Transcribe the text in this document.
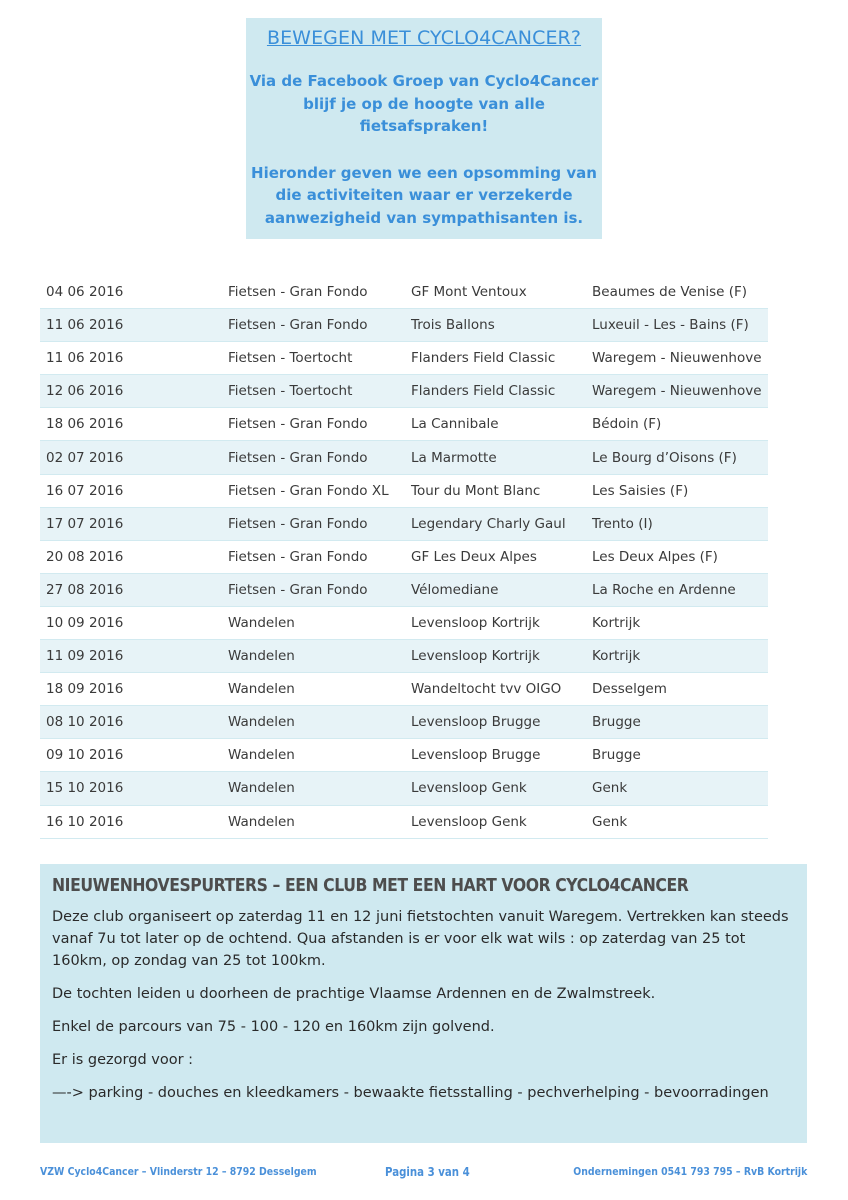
BEWEGEN MET CYCLO4CANCER?

Via de Facebook Groep van Cyclo4Cancer blijf je op de hoogte van alle fietsafspraken!

Hieronder geven we een opsomming van die activiteiten waar er verzekerde aanwezigheid van sympathisanten is.

04 06 2016	Fietsen - Gran Fondo	GF Mont Ventoux	Beaumes de Venise (F)
11 06 2016	Fietsen - Gran Fondo	Trois Ballons	Luxeuil - Les - Bains (F)
11 06 2016	Fietsen - Toertocht	Flanders Field Classic	Waregem - Nieuwenhove
12 06 2016	Fietsen - Toertocht	Flanders Field Classic	Waregem - Nieuwenhove
18 06 2016	Fietsen - Gran Fondo	La Cannibale	Bédoin (F)
02 07 2016	Fietsen - Gran Fondo	La Marmotte	Le Bourg d’Oisons (F)
16 07 2016	Fietsen - Gran Fondo XL	Tour du Mont Blanc	Les Saisies (F)
17 07 2016	Fietsen - Gran Fondo	Legendary Charly Gaul	Trento (I)
20 08 2016	Fietsen - Gran Fondo	GF Les Deux Alpes	Les Deux Alpes (F)
27 08 2016	Fietsen - Gran Fondo	Vélomediane	La Roche en Ardenne
10 09 2016	Wandelen	Levensloop Kortrijk	Kortrijk
11 09 2016	Wandelen	Levensloop Kortrijk	Kortrijk
18 09 2016	Wandelen	Wandeltocht tvv OIGO	Desselgem
08 10 2016	Wandelen	Levensloop Brugge	Brugge
09 10 2016	Wandelen	Levensloop Brugge	Brugge
15 10 2016	Wandelen	Levensloop Genk	Genk
16 10 2016	Wandelen	Levensloop Genk	Genk
NIEUWENHOVESPURTERS – EEN CLUB MET EEN HART VOOR CYCLO4CANCER

Deze club organiseert op zaterdag 11 en 12 juni fietstochten vanuit Waregem. Vertrekken kan steeds vanaf 7u tot later op de ochtend. Qua afstanden is er voor elk wat wils : op zaterdag van 25 tot 160km, op zondag van 25 tot 100km.

De tochten leiden u doorheen de prachtige Vlaamse Ardennen en de Zwalmstreek.

Enkel de parcours van 75 - 100 - 120 en 160km zijn golvend.

Er is gezorgd voor :

—-> parking - douches en kleedkamers - bewaakte fietsstalling - pechverhelping - bevoorradingen

VZW Cyclo4Cancer – Vlinderstr 12 – 8792 Desselgem	Pagina 3 van 4	Ondernemingen 0541 793 795 – RvB Kortrijk
